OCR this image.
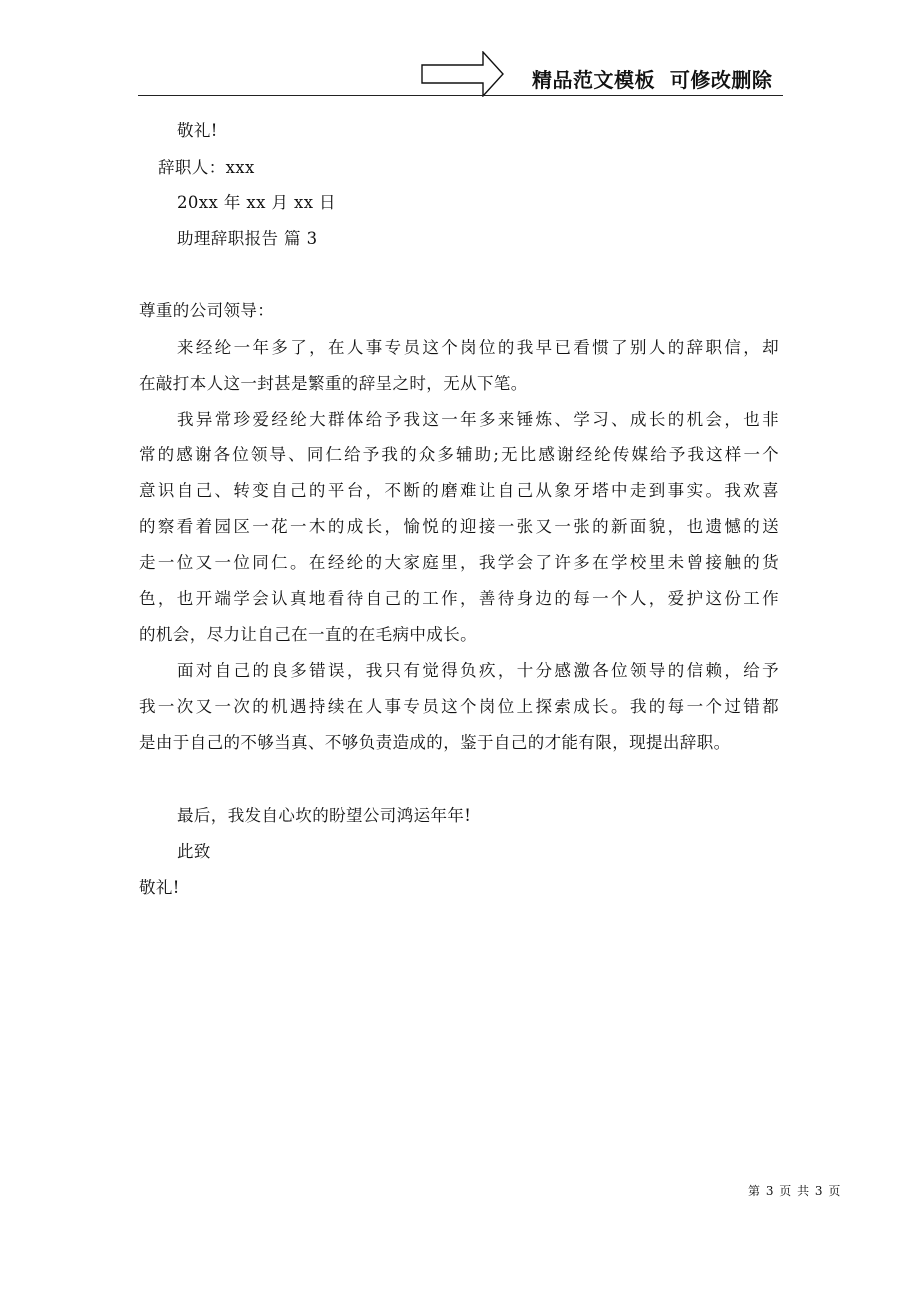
精品范文模板  可修改删除
敬礼!
辞职人：xxx
20xx 年 xx 月 xx 日
助理辞职报告 篇 3
尊重的公司领导：
来经纶一年多了，在人事专员这个岗位的我早已看惯了别人的辞职信，却
在敲打本人这一封甚是繁重的辞呈之时，无从下笔。
我异常珍爱经纶大群体给予我这一年多来锤炼、学习、成长的机会，也非
常的感谢各位领导、同仁给予我的众多辅助;无比感谢经纶传媒给予我这样一个
意识自己、转变自己的平台，不断的磨难让自己从象牙塔中走到事实。我欢喜
的察看着园区一花一木的成长，愉悦的迎接一张又一张的新面貌，也遗憾的送
走一位又一位同仁。在经纶的大家庭里，我学会了许多在学校里未曾接触的货
色，也开端学会认真地看待自己的工作，善待身边的每一个人，爱护这份工作
的机会，尽力让自己在一直的在毛病中成长。
面对自己的良多错误，我只有觉得负疚，十分感激各位领导的信赖，给予
我一次又一次的机遇持续在人事专员这个岗位上探索成长。我的每一个过错都
是由于自己的不够当真、不够负责造成的，鉴于自己的才能有限，现提出辞职。
最后，我发自心坎的盼望公司鸿运年年!
此致
敬礼!
第 3 页 共 3 页
